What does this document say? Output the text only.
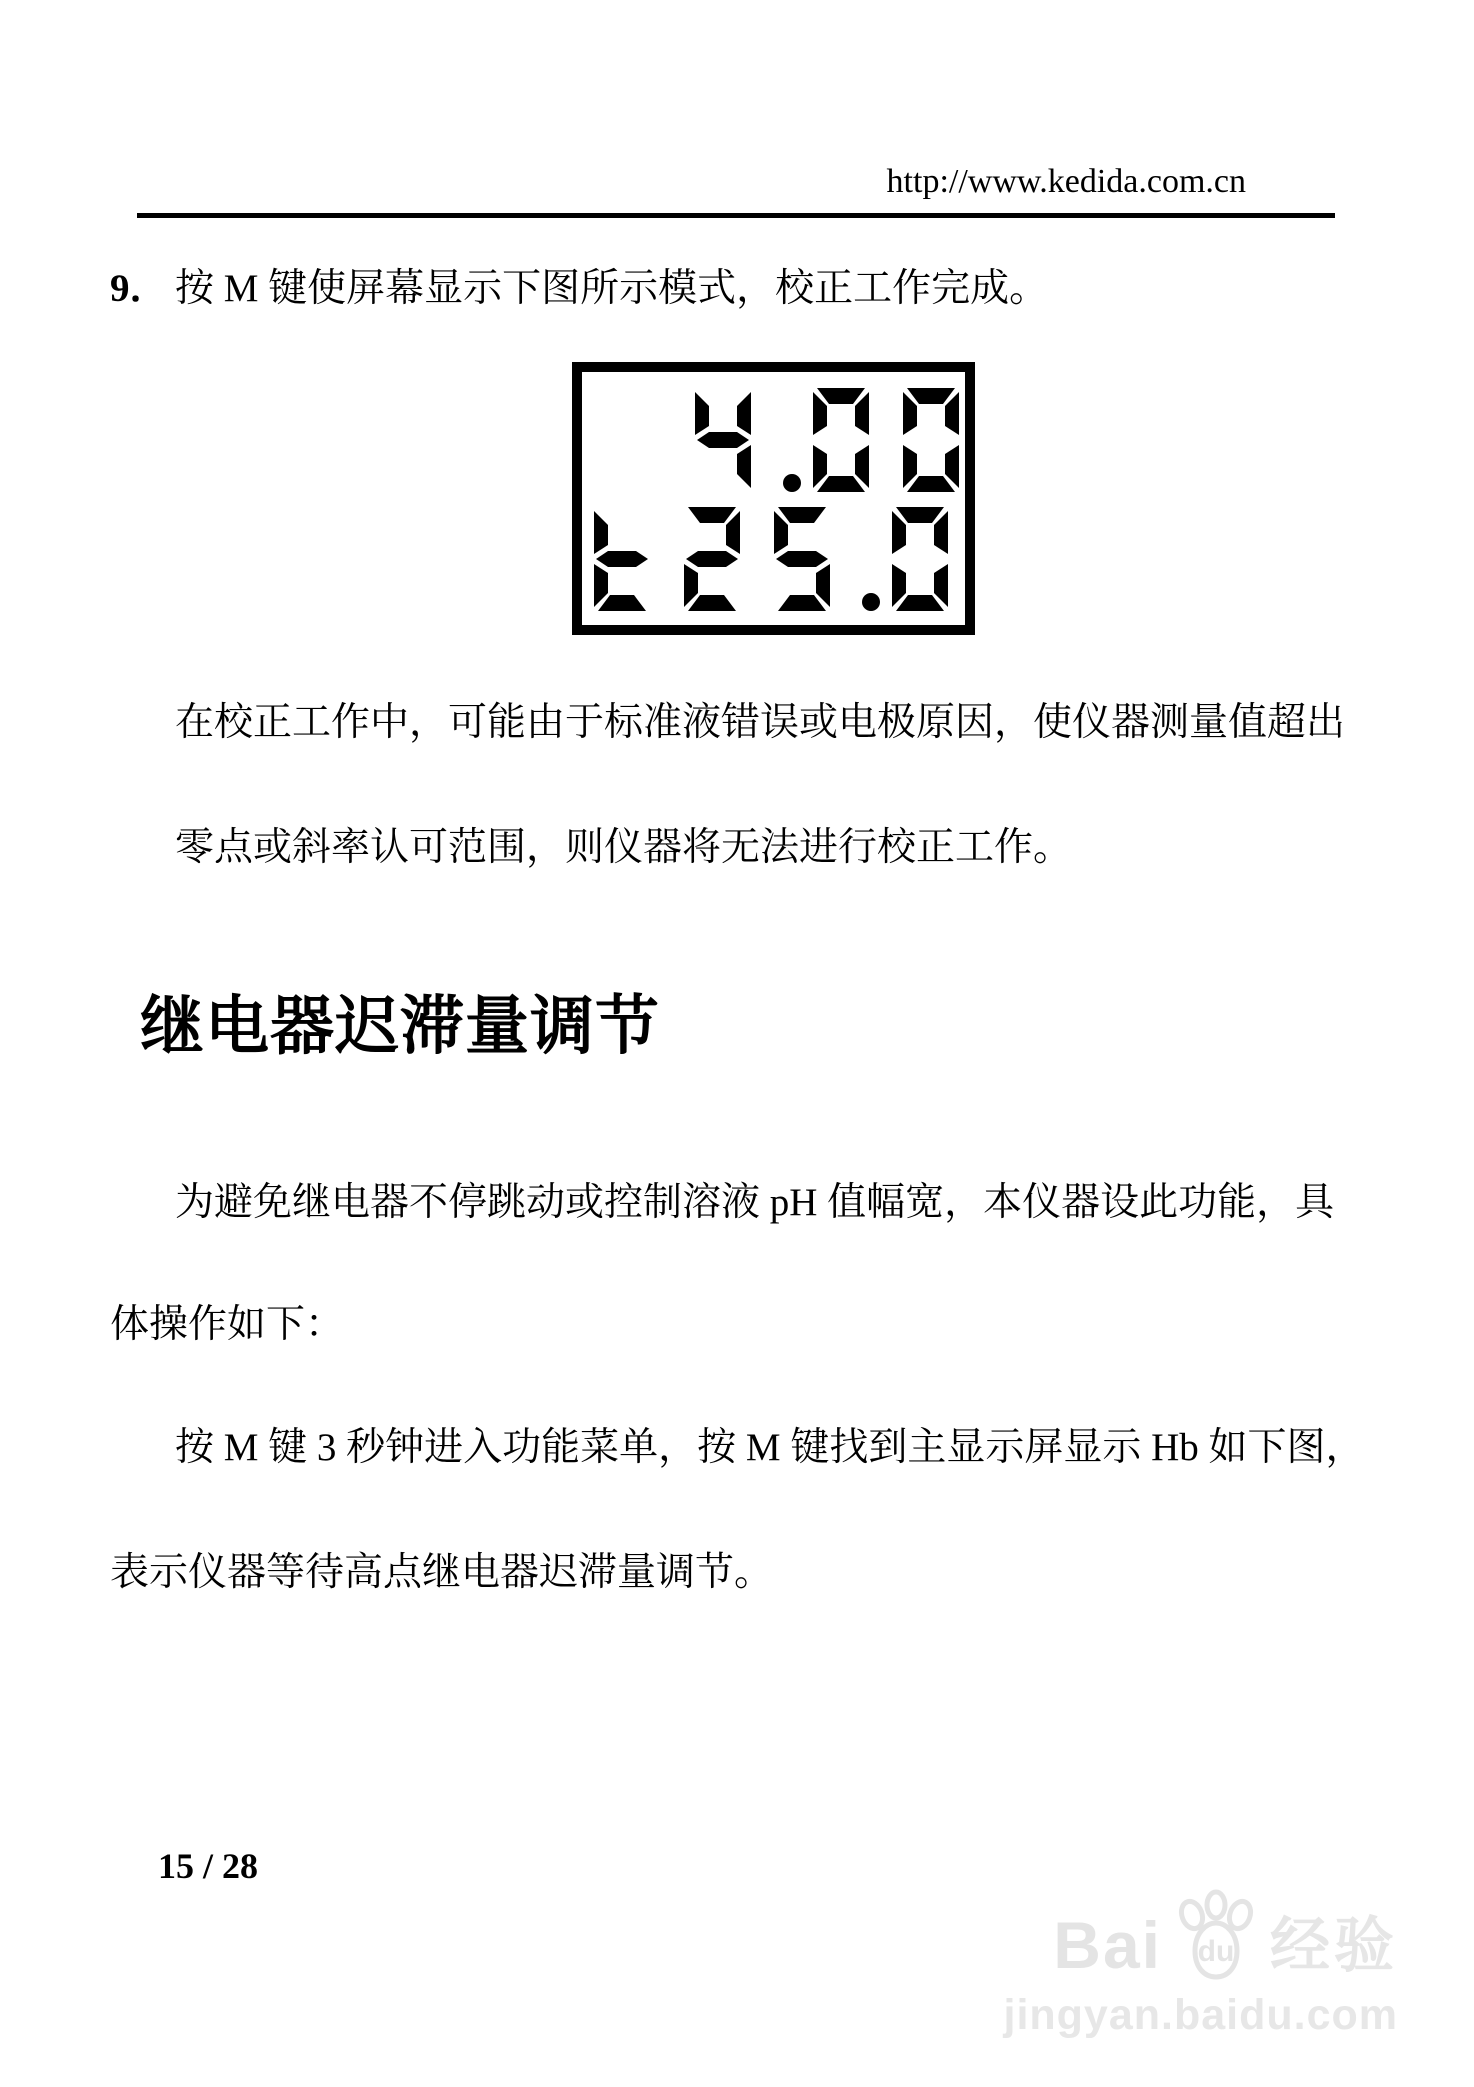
http://www.kedida.com.cn
9． 按 M 键使屏幕显示下图所示模式，校正工作完成。
在校正工作中，可能由于标准液错误或电极原因，使仪器测量值超出
零点或斜率认可范围，则仪器将无法进行校正工作。
继电器迟滞量调节
为避免继电器不停跳动或控制溶液 pH 值幅宽，本仪器设此功能，具
体操作如下：
按 M 键 3 秒钟进入功能菜单，按 M 键找到主显示屏显示 Hb 如下图，
表示仪器等待高点继电器迟滞量调节。
15 / 28
Bai du 经验
jingyan.baidu.com
